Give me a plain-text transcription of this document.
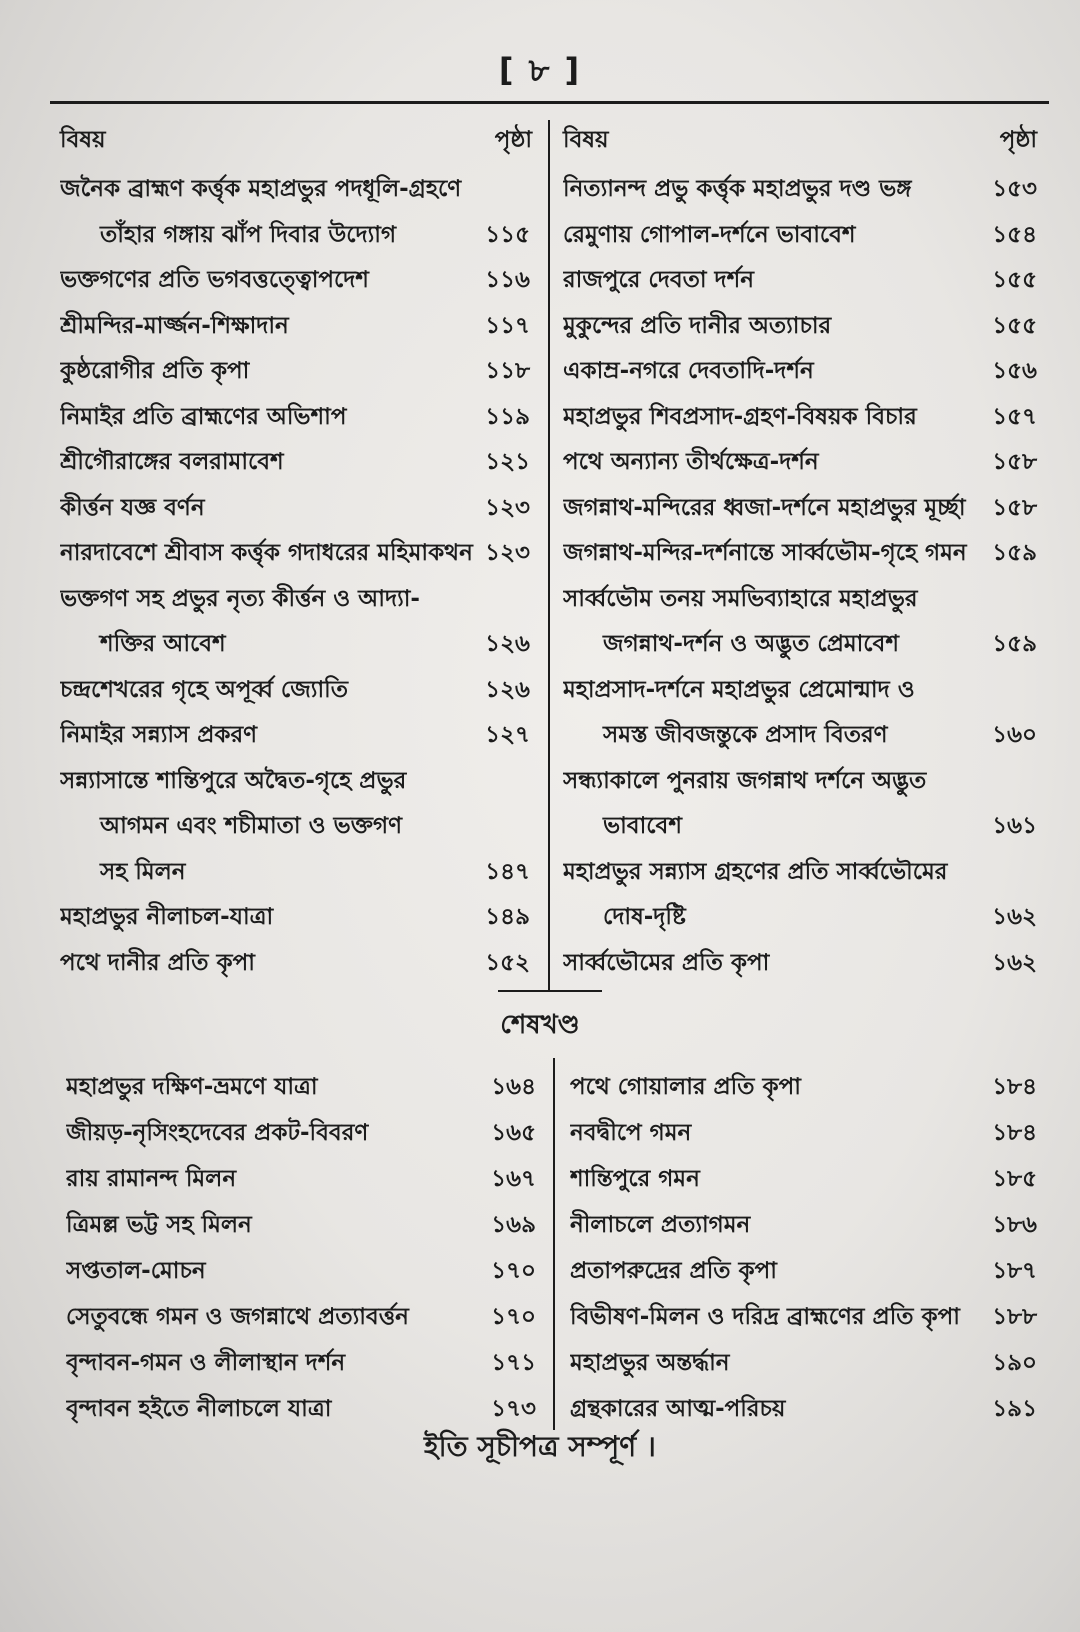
[ ৮ ]
বিষয়	পৃষ্ঠা বিষয়	পৃষ্ঠা
জনৈক ব্রাহ্মণ কর্ত্তৃক মহাপ্রভুর পদধূলি-গ্রহণে
তাঁহার গঙ্গায় ঝাঁপ দিবার উদ্যোগ	১১৫
ভক্তগণের প্রতি ভগবত্তত্ত্বোপদেশ	১১৬
শ্রীমন্দির-মার্জ্জন-শিক্ষাদান	১১৭
কুষ্ঠরোগীর প্রতি কৃপা	১১৮
নিমাইর প্রতি ব্রাহ্মণের অভিশাপ	১১৯
শ্রীগৌরাঙ্গের বলরামাবেশ	১২১
কীর্ত্তন যজ্ঞ বর্ণন	১২৩
নারদাবেশে শ্রীবাস কর্ত্তৃক গদাধরের মহিমাকথন ১২৩
ভক্তগণ সহ প্রভুর নৃত্য কীর্ত্তন ও আদ্যা-
শক্তির আবেশ	১২৬
চন্দ্রশেখরের গৃহে অপূর্ব্ব জ্যোতি	১২৬
নিমাইর সন্ন্যাস প্রকরণ	১২৭
সন্ন্যাসান্তে শান্তিপুরে অদ্বৈত-গৃহে প্রভুর
আগমন এবং শচীমাতা ও ভক্তগণ
সহ মিলন	১৪৭
মহাপ্রভুর নীলাচল-যাত্রা	১৪৯
পথে দানীর প্রতি কৃপা	১৫২
নিত্যানন্দ প্রভু কর্ত্তৃক মহাপ্রভুর দণ্ড ভঙ্গ	১৫৩
রেমুণায় গোপাল-দর্শনে ভাবাবেশ	১৫৪
রাজপুরে দেবতা দর্শন	১৫৫
মুকুন্দের প্রতি দানীর অত্যাচার	১৫৫
একাম্র-নগরে দেবতাদি-দর্শন	১৫৬
মহাপ্রভুর শিবপ্রসাদ-গ্রহণ-বিষয়ক বিচার	১৫৭
পথে অন্যান্য তীর্থক্ষেত্র-দর্শন	১৫৮
জগন্নাথ-মন্দিরের ধ্বজা-দর্শনে মহাপ্রভুর মূর্চ্ছা	১৫৮
জগন্নাথ-মন্দির-দর্শনান্তে সার্ব্বভৌম-গৃহে গমন	১৫৯
সার্ব্বভৌম তনয় সমভিব্যাহারে মহাপ্রভুর
জগন্নাথ-দর্শন ও অদ্ভুত প্রেমাবেশ	১৫৯
মহাপ্রসাদ-দর্শনে মহাপ্রভুর প্রেমোন্মাদ ও
সমস্ত জীবজন্তুকে প্রসাদ বিতরণ	১৬০
সন্ধ্যাকালে পুনরায় জগন্নাথ দর্শনে অদ্ভুত
ভাবাবেশ	১৬১
মহাপ্রভুর সন্ন্যাস গ্রহণের প্রতি সার্ব্বভৌমের
দোষ-দৃষ্টি	১৬২
সার্ব্বভৌমের প্রতি কৃপা	১৬২
শেষখণ্ড
মহাপ্রভুর দক্ষিণ-ভ্রমণে যাত্রা	১৬৪
জীয়ড়-নৃসিংহদেবের প্রকট-বিবরণ	১৬৫
রায় রামানন্দ মিলন	১৬৭
ত্রিমল্ল ভট্ট সহ মিলন	১৬৯
সপ্ততাল-মোচন	১৭০
সেতুবন্ধে গমন ও জগন্নাথে প্রত্যাবর্ত্তন	১৭০
বৃন্দাবন-গমন ও লীলাস্থান দর্শন	১৭১
বৃন্দাবন হইতে নীলাচলে যাত্রা	১৭৩
পথে গোয়ালার প্রতি কৃপা	১৮৪
নবদ্বীপে গমন	১৮৪
শান্তিপুরে গমন	১৮৫
নীলাচলে প্রত্যাগমন	১৮৬
প্রতাপরুদ্রের প্রতি কৃপা	১৮৭
বিভীষণ-মিলন ও দরিদ্র ব্রাহ্মণের প্রতি কৃপা	১৮৮
মহাপ্রভুর অন্তর্দ্ধান	১৯০
গ্রন্থকারের আত্ম-পরিচয়	১৯১
ইতি সূচীপত্র সম্পূর্ণ ।
